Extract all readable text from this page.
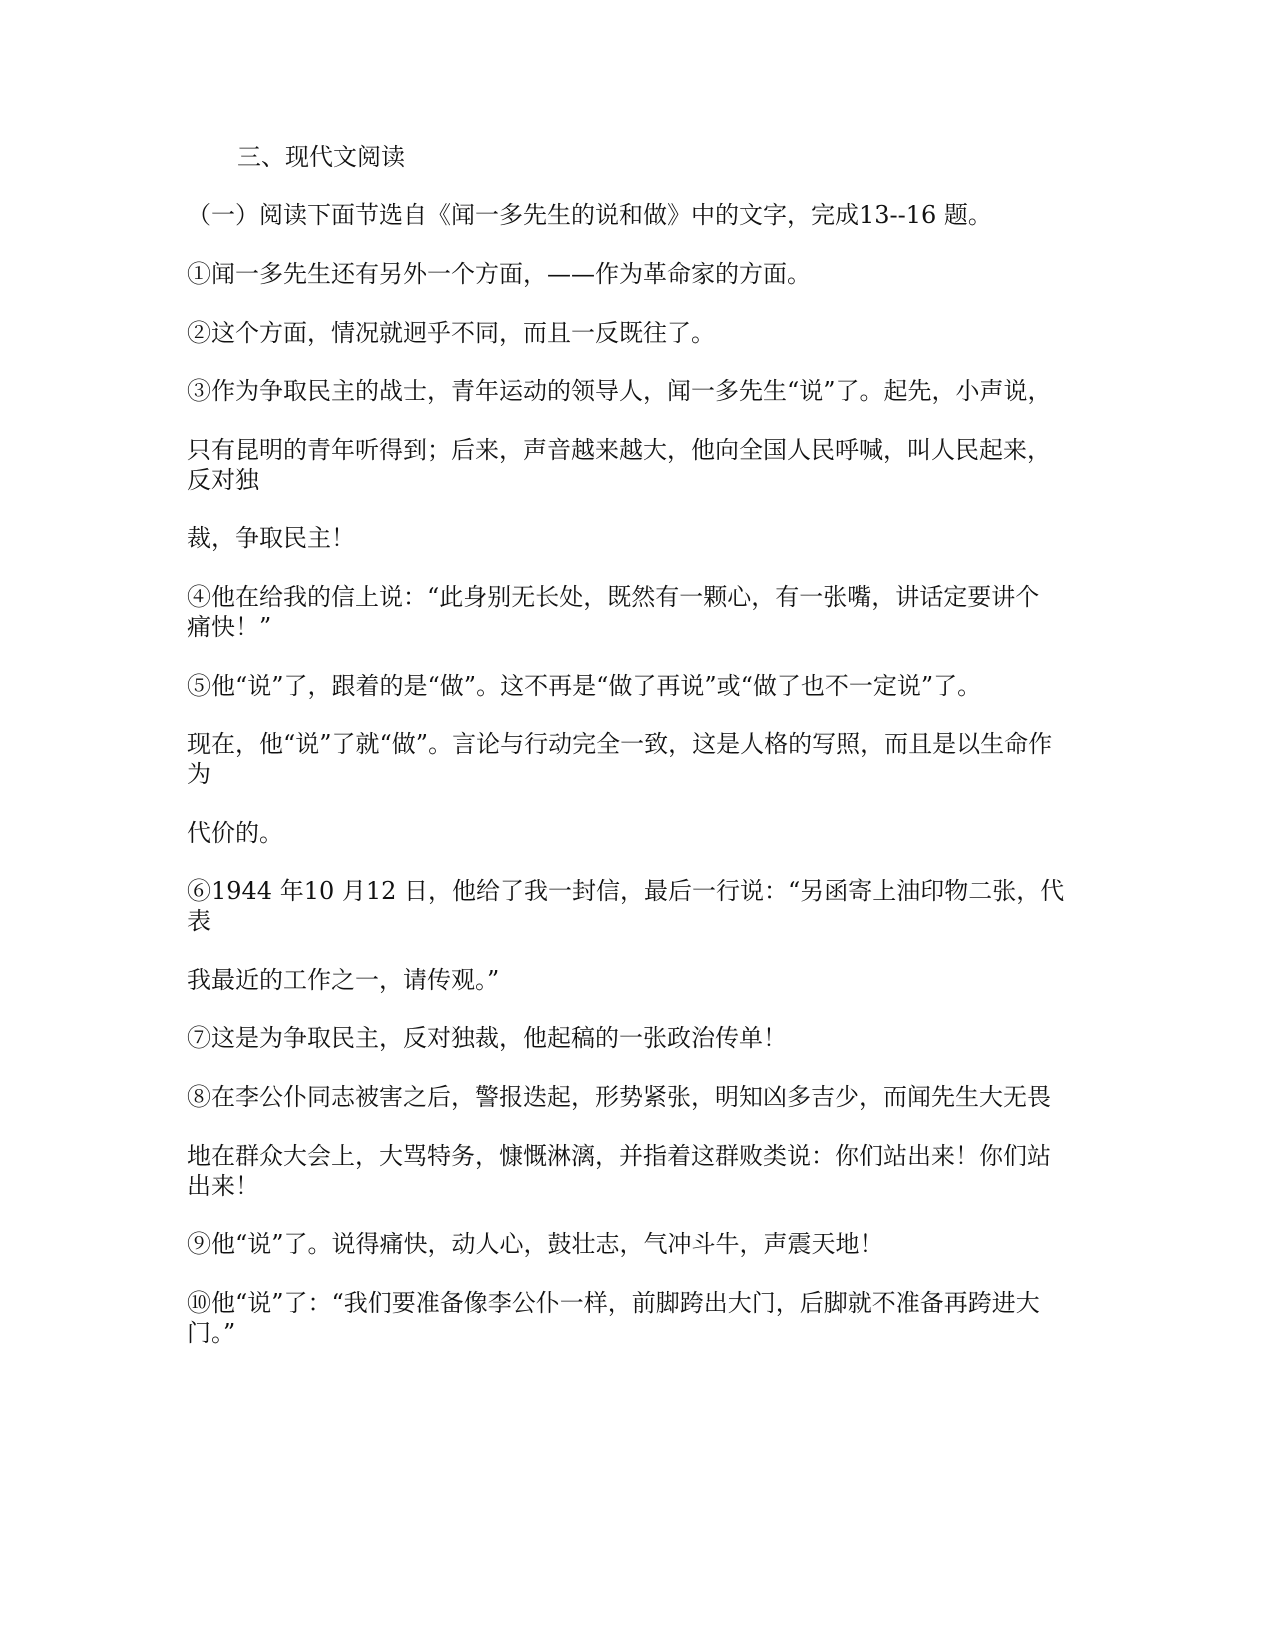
三、现代文阅读
（一）阅读下面节选自《闻一多先生的说和做》中的文字，完成13--16 题。
①闻一多先生还有另外一个方面，——作为革命家的方面。
②这个方面，情况就迥乎不同，而且一反既往了。
③作为争取民主的战士，青年运动的领导人，闻一多先生“说”了。起先，小声说，
只有昆明的青年听得到；后来，声音越来越大，他向全国人民呼喊，叫人民起来，
反对独
裁，争取民主！
④他在给我的信上说：“此身别无长处，既然有一颗心，有一张嘴，讲话定要讲个
痛快！”
⑤他“说”了，跟着的是“做”。这不再是“做了再说”或“做了也不一定说”了。
现在，他“说”了就“做”。言论与行动完全一致，这是人格的写照，而且是以生命作
为
代价的。
⑥1944 年10 月12 日，他给了我一封信，最后一行说：“另函寄上油印物二张，代
表
我最近的工作之一，请传观。”
⑦这是为争取民主，反对独裁，他起稿的一张政治传单！
⑧在李公仆同志被害之后，警报迭起，形势紧张，明知凶多吉少，而闻先生大无畏
地在群众大会上，大骂特务，慷慨淋漓，并指着这群败类说：你们站出来！你们站
出来！
⑨他“说”了。说得痛快，动人心，鼓壮志，气冲斗牛，声震天地！
⑩他“说”了：“我们要准备像李公仆一样，前脚跨出大门，后脚就不准备再跨进大
门。”
